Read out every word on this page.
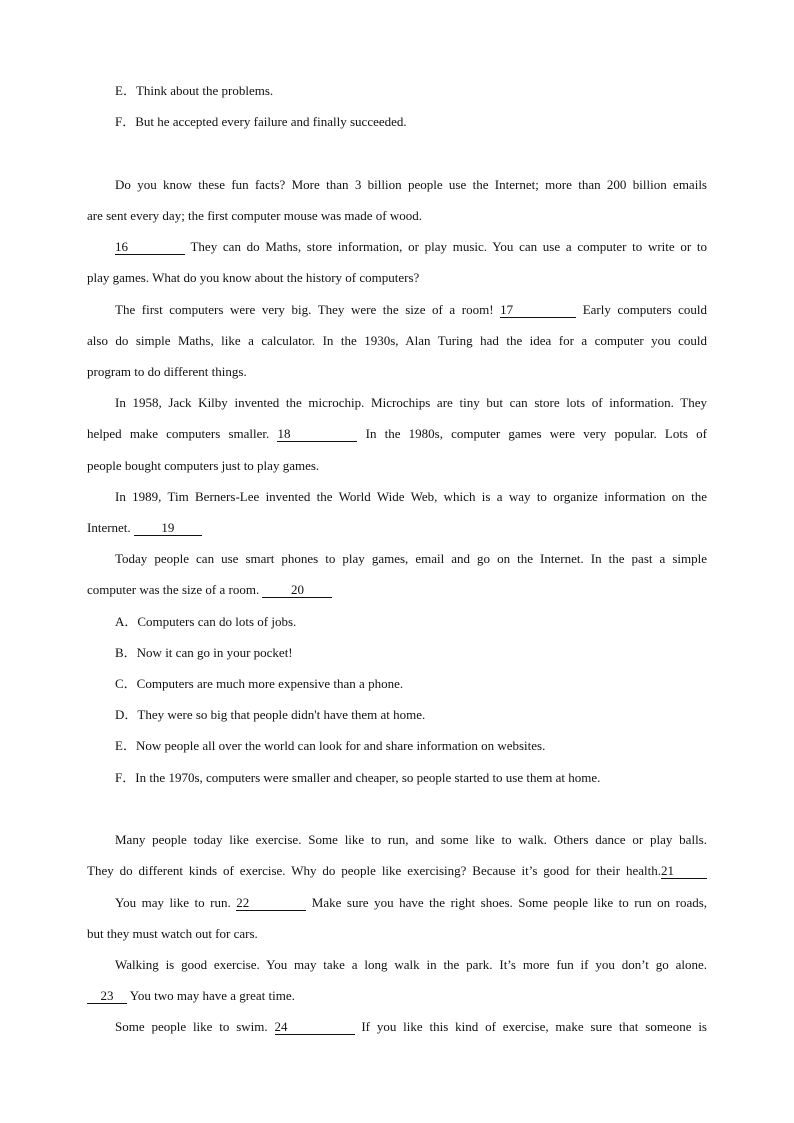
E．Think about the problems.
F．But he accepted every failure and finally succeeded.
Do you know these fun facts? More than 3 billion people use the Internet; more than 200 billion emails
are sent every day; the first computer mouse was made of wood.
16	They can do Maths, store information, or play music. You can use a computer to write or to
play games. What do you know about the history of computers?
The first computers were very big. They were the size of a room! 17	Early computers could
also do simple Maths, like a calculator. In the 1930s, Alan Turing had the idea for a computer you could
program to do different things.
In 1958, Jack Kilby invented the microchip. Microchips are tiny but can store lots of information. They
helped make computers smaller. 18	In the 1980s, computer games were very popular. Lots of
people bought computers just to play games.
In 1989, Tim Berners-Lee invented the World Wide Web, which is a way to organize information on the
Internet. 19
Today people can use smart phones to play games, email and go on the Internet. In the past a simple
computer was the size of a room. 20
A．Computers can do lots of jobs.
B．Now it can go in your pocket!
C．Computers are much more expensive than a phone.
D．They were so big that people didn't have them at home.
E．Now people all over the world can look for and share information on websites.
F．In the 1970s, computers were smaller and cheaper, so people started to use them at home.
Many people today like exercise. Some like to run, and some like to walk. Others dance or play balls.
They do different kinds of exercise. Why do people like exercising? Because it’s good for their health.21
You may like to run. 22	Make sure you have the right shoes. Some people like to run on roads,
but they must watch out for cars.
Walking is good exercise. You may take a long walk in the park. It’s more fun if you don’t go alone.
23 You two may have a great time.
Some people like to swim. 24	If you like this kind of exercise, make sure that someone is
